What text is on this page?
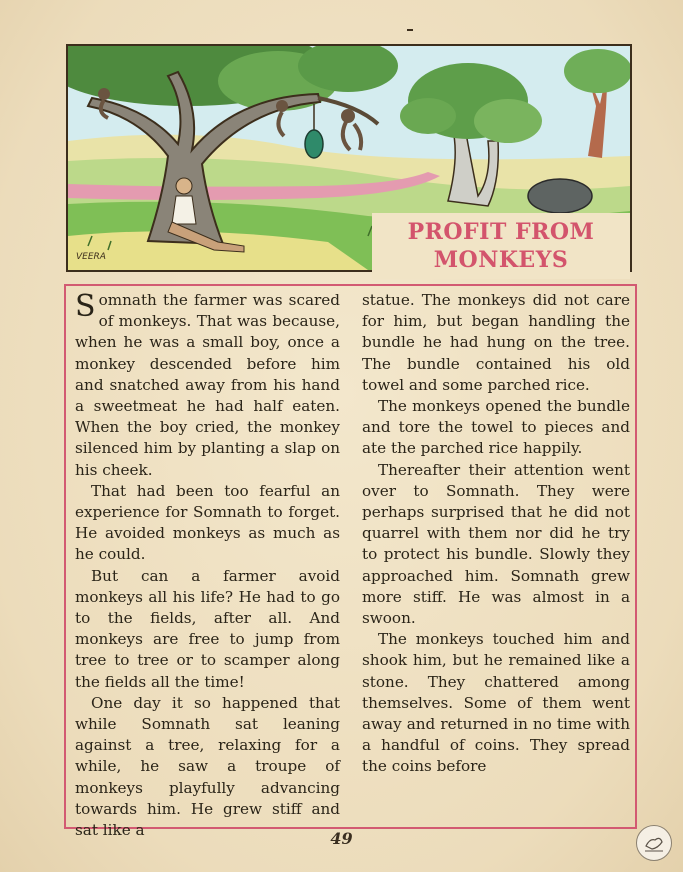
VEERA
PROFIT FROM
MONKEYS

Somnath the farmer was scared of monkeys. That was because, when he was a small boy, once a monkey descended before him and snatched away from his hand a sweetmeat he had half eaten. When the boy cried, the monkey silenced him by planting a slap on his cheek.

That had been too fearful an experience for Somnath to forget. He avoided monkeys as much as he could.

But can a farmer avoid monkeys all his life? He had to go to the fields, after all. And monkeys are free to jump from tree to tree or to scamper along the fields all the time!

One day it so happened that while Somnath sat leaning against a tree, relaxing for a while, he saw a troupe of monkeys playfully advancing towards him. He grew stiff and sat like a

statue. The monkeys did not care for him, but began handling the bundle he had hung on the tree. The bundle contained his old towel and some parched rice.

The monkeys opened the bundle and tore the towel to pieces and ate the parched rice happily.

Thereafter their attention went over to Somnath. They were perhaps surprised that he did not quarrel with them nor did he try to protect his bundle. Slowly they approached him. Somnath grew more stiff. He was almost in a swoon.

The monkeys touched him and shook him, but he remained like a stone. They chattered among themselves. Some of them went away and returned in no time with a handful of coins. They spread the coins before

49
